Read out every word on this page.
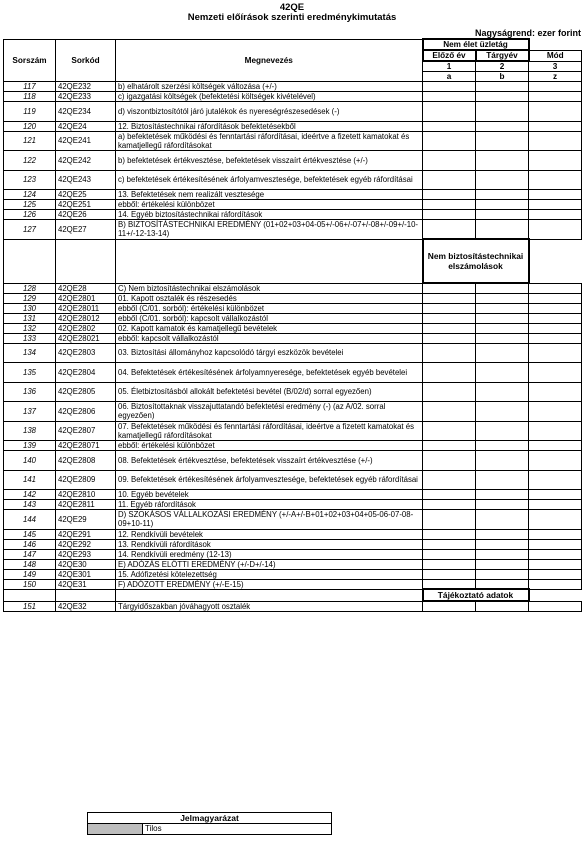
42QE
Nemzeti előírások szerinti eredménykimutatás
Nagyságrend: ezer forint
Sorszám	Sorkód	Megnevezés	Nem élet üzletág		
			Előző év	Tárgyév	Mód
			1	2	3
			a	b	z
117	42QE232	b) elhatárolt szerzési költségek változása (+/-)			
118	42QE233	c) igazgatási költségek (befektetési költségek kivételével)			
119	42QE234	d) viszontbiztosítótól járó jutalékok és nyereségrészesedések (-)			
120	42QE24	12. Biztosítástechnikai ráfordítások befektetésekből			
121	42QE241	a) befektetések működési és fenntartási ráfordításai, ideértve a fizetett kamatokat és kamatjellegű ráfordításokat			
122	42QE242	b) befektetések értékvesztése, befektetések visszaírt értékvesztése (+/-)			
123	42QE243	c) befektetések értékesítésének árfolyamvesztesége, befektetések egyéb ráfordításai			
124	42QE25	13. Befektetések nem realizált vesztesége			
125	42QE251	ebből: értékelési különbözet			
126	42QE26	14. Egyéb biztosítástechnikai ráfordítások			
127	42QE27	B) BIZTOSÍTÁSTECHNIKAI EREDMÉNY (01+02+03+04-05+/-06+/-07+/-08+/-09+/-10-11+/-12-13-14)			
			Nem biztosítástechnikai elszámolások		
128	42QE28	C) Nem biztosítástechnikai elszámolások			
129	42QE2801	01. Kapott osztalék és részesedés			
130	42QE28011	ebből (C/01. sorból): értékelési különbözet			
131	42QE28012	ebből (C/01. sorból): kapcsolt vállalkozástól			
132	42QE2802	02. Kapott kamatok és kamatjellegű bevételek			
133	42QE28021	ebből: kapcsolt vállalkozástól			
134	42QE2803	03. Biztosítási állományhoz kapcsolódó tárgyi eszközök bevételei			
135	42QE2804	04. Befektetések értékesítésének árfolyamnyeresége, befektetések egyéb bevételei			
136	42QE2805	05. Életbiztosításból allokált befektetési bevétel (B/02/d) sorral egyezően)			
137	42QE2806	06. Biztosítottaknak visszajuttatandó befektetési eredmény (-) (az A/02. sorral egyezően)			
138	42QE2807	07. Befektetések működési és fenntartási ráfordításai, ideértve a fizetett kamatokat és kamatjellegű ráfordításokat			
139	42QE28071	ebből: értékelési különbözet			
140	42QE2808	08. Befektetések értékvesztése, befektetések visszaírt értékvesztése (+/-)			
141	42QE2809	09. Befektetések értékesítésének árfolyamvesztesége, befektetések egyéb ráfordításai			
142	42QE2810	10. Egyéb bevételek			
143	42QE2811	11. Egyéb ráfordítások			
144	42QE29	D) SZOKÁSOS VÁLLALKOZÁSI EREDMÉNY (+/-A+/-B+01+02+03+04+05-06-07-08-09+10-11)			
145	42QE291	12. Rendkívüli bevételek			
146	42QE292	13. Rendkívüli ráfordítások			
147	42QE293	14. Rendkívüli eredmény (12-13)			
148	42QE30	E) ADÓZÁS ELŐTTI EREDMÉNY (+/-D+/-14)			
149	42QE301	15. Adófizetési kötelezettség			
150	42QE31	F) ADÓZOTT EREDMÉNY (+/-E-15)			
			Tájékoztató adatok		
151	42QE32	Tárgyidőszakban jóváhagyott osztalék			
Jelmagyarázat
	Tilos
